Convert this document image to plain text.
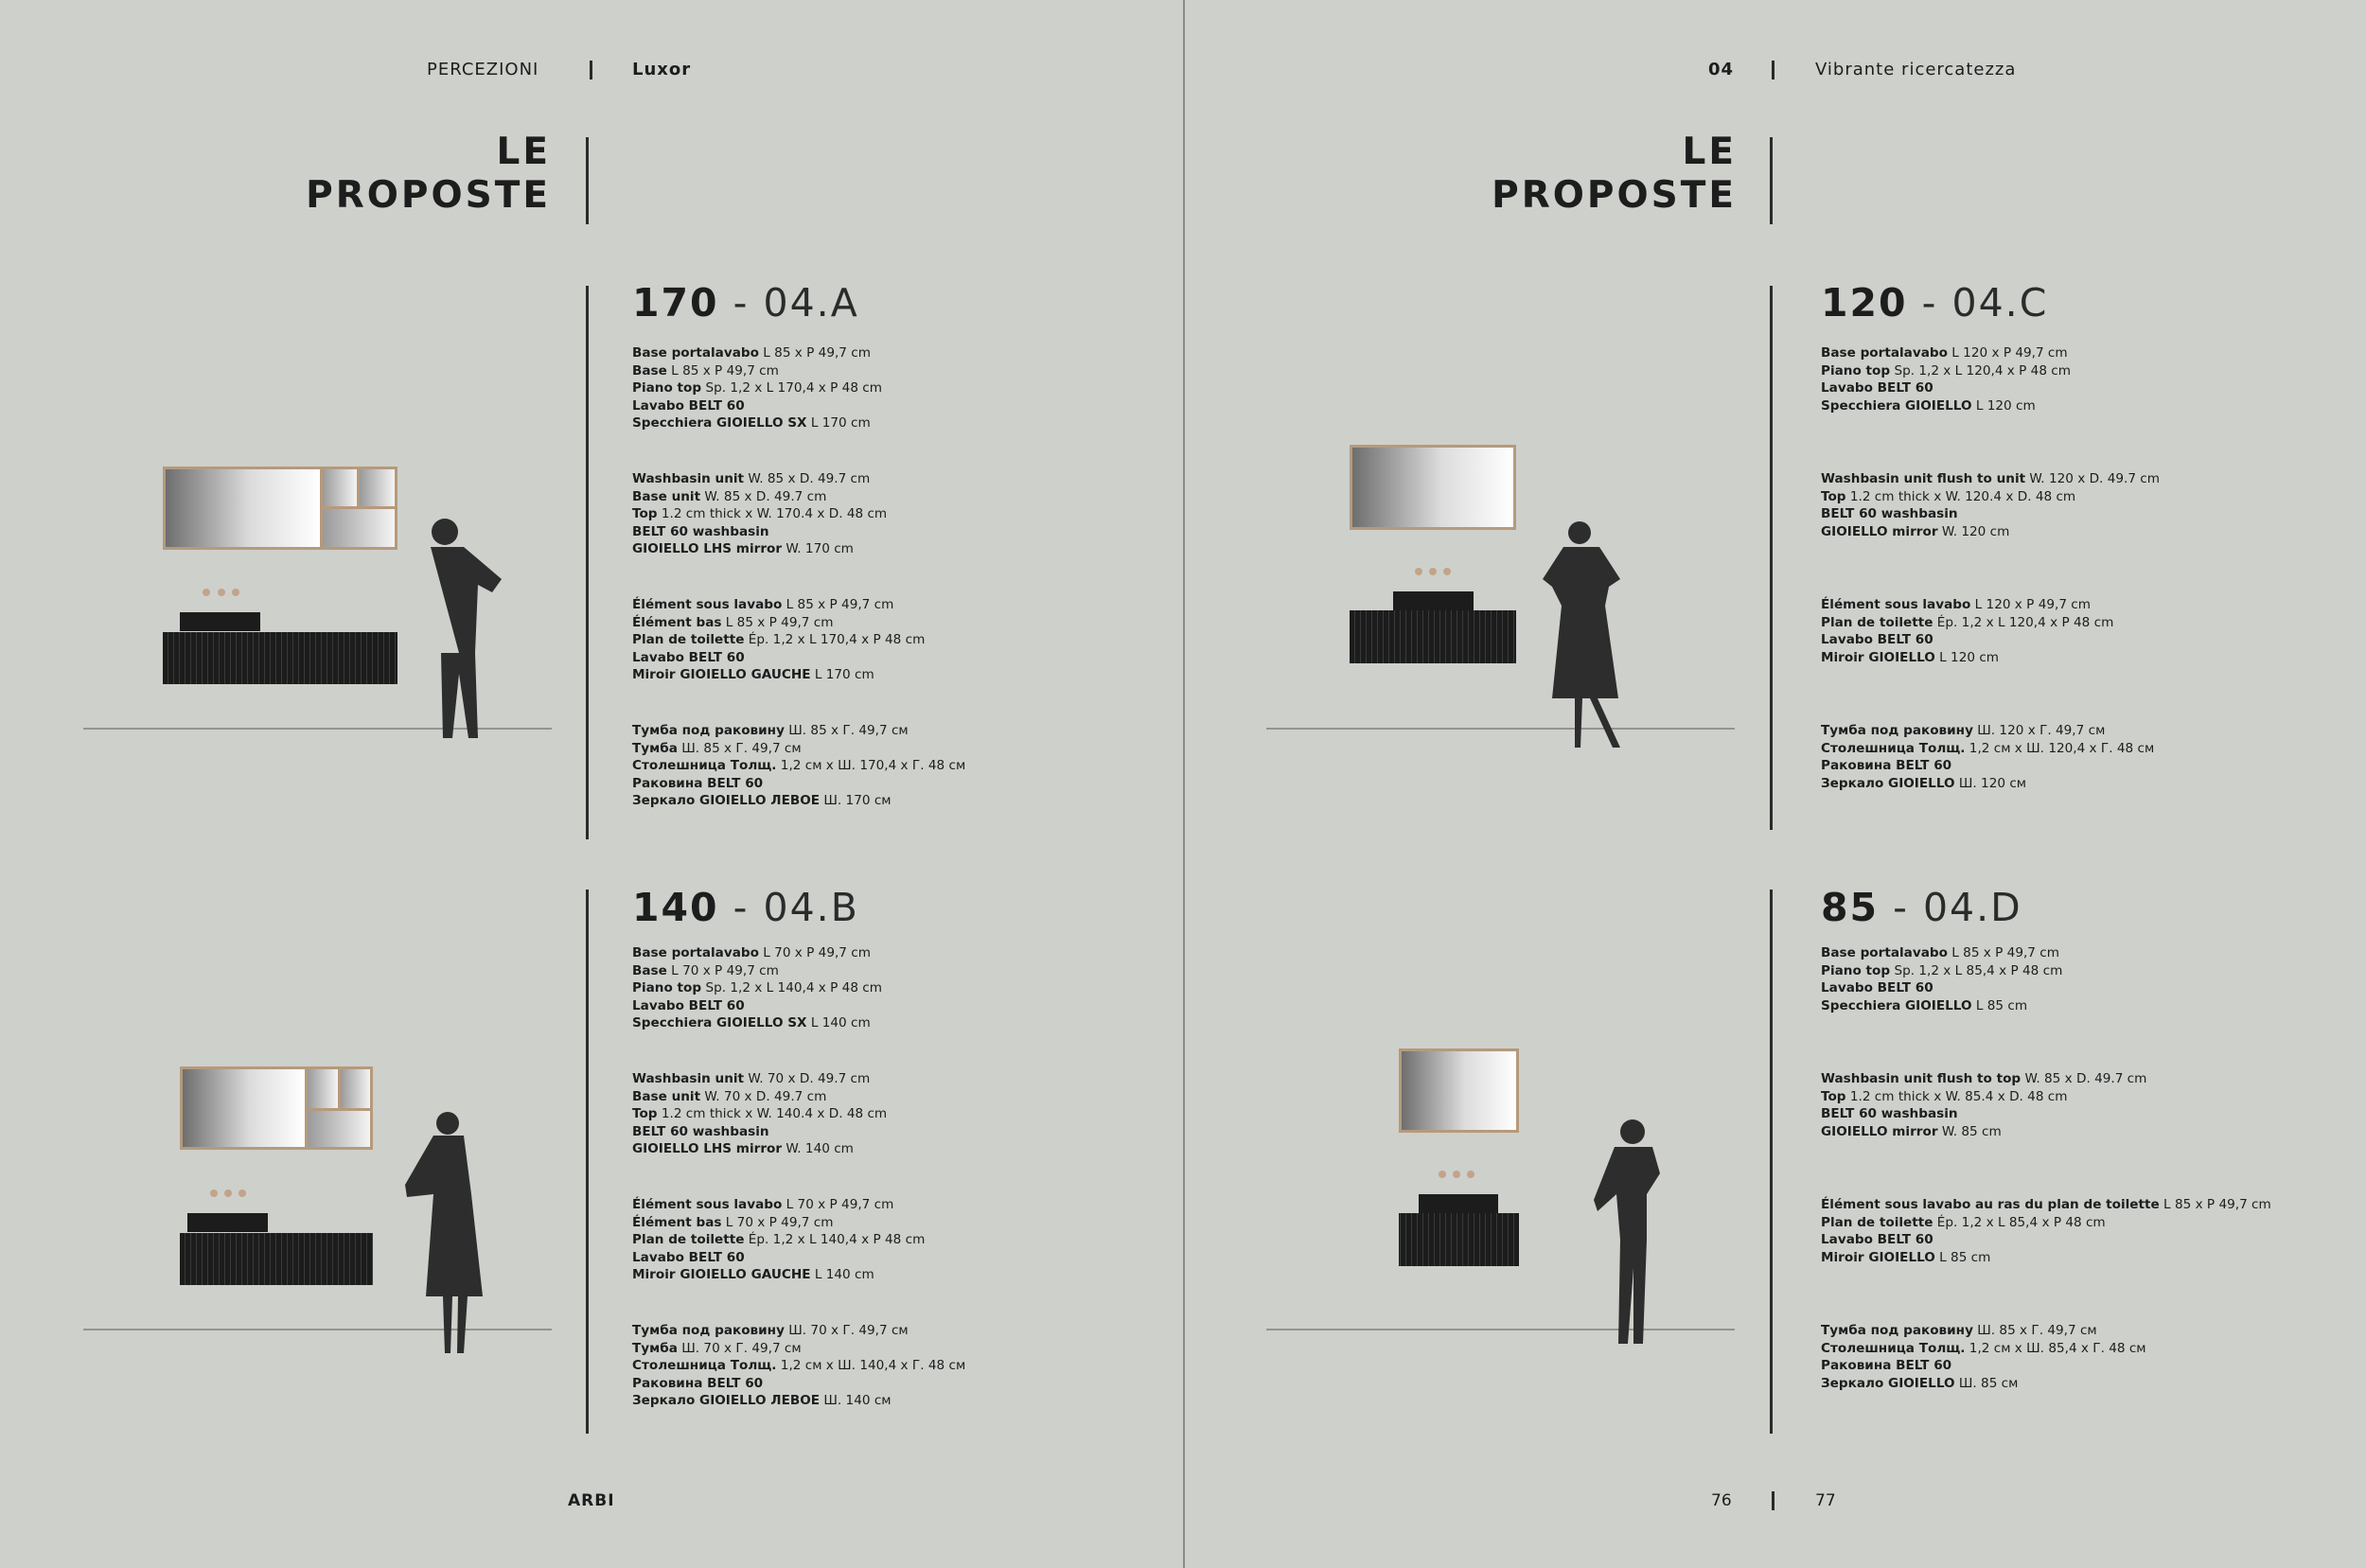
PERCEZIONI	Luxor	04	Vibrante ricercatezza
LE
PROPOSTE
LE
PROPOSTE
170 - 04.A
Base portalavabo L 85 x P 49,7 cm
Base L 85 x P 49,7 cm
Piano top Sp. 1,2 x L 170,4 x P 48 cm
Lavabo BELT 60
Specchiera GIOIELLO SX L 170 cm
Washbasin unit W. 85 x D. 49.7 cm
Base unit W. 85 x D. 49.7 cm
Top 1.2 cm thick x W. 170.4 x D. 48 cm
BELT 60 washbasin
GIOIELLO LHS mirror W. 170 cm
Élément sous lavabo L 85 x P 49,7 cm
Élément bas L 85 x P 49,7 cm
Plan de toilette Ép. 1,2 x L 170,4 x P 48 cm
Lavabo BELT 60
Miroir GIOIELLO GAUCHE L 170 cm
Тумба под раковину Ш. 85 x Г. 49,7 см
Тумба Ш. 85 x Г. 49,7 см
Столешница Толщ. 1,2 см x Ш. 170,4 x Г. 48 см
Раковина BELT 60
Зеркало GIOIELLO ЛЕВОЕ Ш. 170 см
140 - 04.B
Base portalavabo L 70 x P 49,7 cm
Base L 70 x P 49,7 cm
Piano top Sp. 1,2 x L 140,4 x P 48 cm
Lavabo BELT 60
Specchiera GIOIELLO SX L 140 cm
Washbasin unit W. 70 x D. 49.7 cm
Base unit W. 70 x D. 49.7 cm
Top 1.2 cm thick x W. 140.4 x D. 48 cm
BELT 60 washbasin
GIOIELLO LHS mirror W. 140 cm
Élément sous lavabo L 70 x P 49,7 cm
Élément bas L 70 x P 49,7 cm
Plan de toilette Ép. 1,2 x L 140,4 x P 48 cm
Lavabo BELT 60
Miroir GIOIELLO GAUCHE L 140 cm
Тумба под раковину Ш. 70 x Г. 49,7 см
Тумба Ш. 70 x Г. 49,7 см
Столешница Толщ. 1,2 см x Ш. 140,4 x Г. 48 см
Раковина BELT 60
Зеркало GIOIELLO ЛЕВОЕ Ш. 140 см
120 - 04.C
Base portalavabo L 120 x P 49,7 cm
Piano top Sp. 1,2 x L 120,4 x P 48 cm
Lavabo BELT 60
Specchiera GIOIELLO L 120 cm
Washbasin unit flush to unit W. 120 x D. 49.7 cm
Top 1.2 cm thick x W. 120.4 x D. 48 cm
BELT 60 washbasin
GIOIELLO mirror W. 120 cm
Élément sous lavabo L 120 x P 49,7 cm
Plan de toilette Ép. 1,2 x L 120,4 x P 48 cm
Lavabo BELT 60
Miroir GIOIELLO L 120 cm
Тумба под раковину Ш. 120 x Г. 49,7 см
Столешница Толщ. 1,2 см x Ш. 120,4 x Г. 48 см
Раковина BELT 60
Зеркало GIOIELLO Ш. 120 см
85 - 04.D
Base portalavabo L 85 x P 49,7 cm
Piano top Sp. 1,2 x L 85,4 x P 48 cm
Lavabo BELT 60
Specchiera GIOIELLO L 85 cm
Washbasin unit flush to top W. 85 x D. 49.7 cm
Top 1.2 cm thick x W. 85.4 x D. 48 cm
BELT 60 washbasin
GIOIELLO mirror W. 85 cm
Élément sous lavabo au ras du plan de toilette L 85 x P 49,7 cm
Plan de toilette Ép. 1,2 x L 85,4 x P 48 cm
Lavabo BELT 60
Miroir GIOIELLO L 85 cm
Тумба под раковину Ш. 85 x Г. 49,7 см
Столешница Толщ. 1,2 см x Ш. 85,4 x Г. 48 см
Раковина BELT 60
Зеркало GIOIELLO Ш. 85 см
ARBI	76	77
